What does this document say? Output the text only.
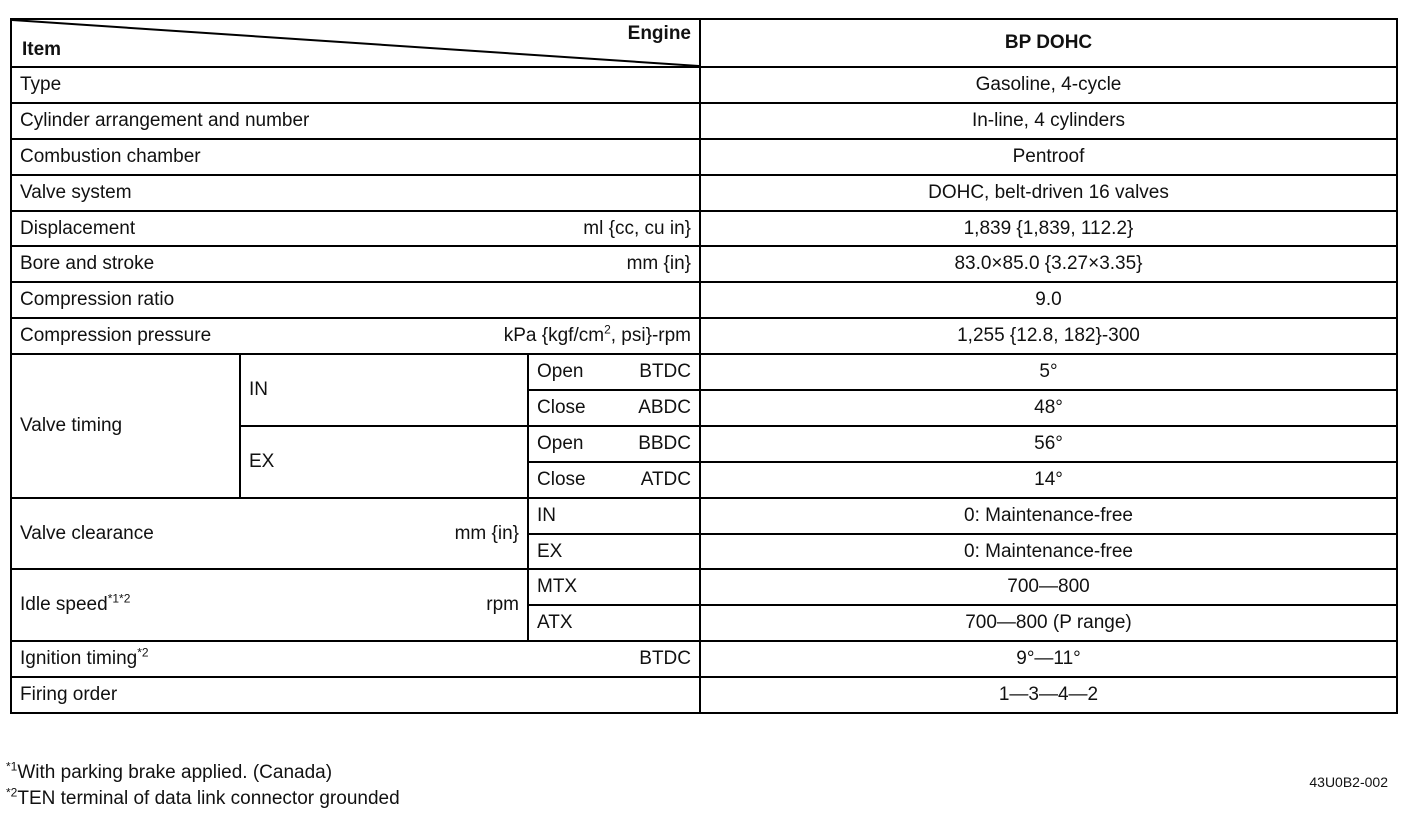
Item
Engine			BP DOHC
Type			Gasoline, 4-cycle
Cylinder arrangement and number			In-line, 4 cylinders
Combustion chamber			Pentroof
Valve system			DOHC, belt-driven 16 valves

Displacement ml {cc, cu in}			1,839 {1,839, 112.2}

Bore and stroke mm {in}			83.0×85.0 {3.27×3.35}
Compression ratio			9.0

Compression pressure kPa {$kgf/cm^2$, psi}-rpm			1,255 {12.8, 182}-300
Valve timing	IN	Open BTDC	5°

		Close ABDC	48°
	EX	Open BBDC	56°

		Close ATDC	14°

Valve clearance mm {in}		IN	0: Maintenance-free
		EX	0: Maintenance-free

Idle speed$^{*1*2}$ rpm		MTX	700—800
		ATX	700—800 (P range)

Ignition timing$^{*2}$ BTDC			9°—11°
Firing order			1—3—4—2
$^{*1}$With parking brake applied. (Canada)
$^{*2}$TEN terminal of data link connector grounded
43U0B2-002
